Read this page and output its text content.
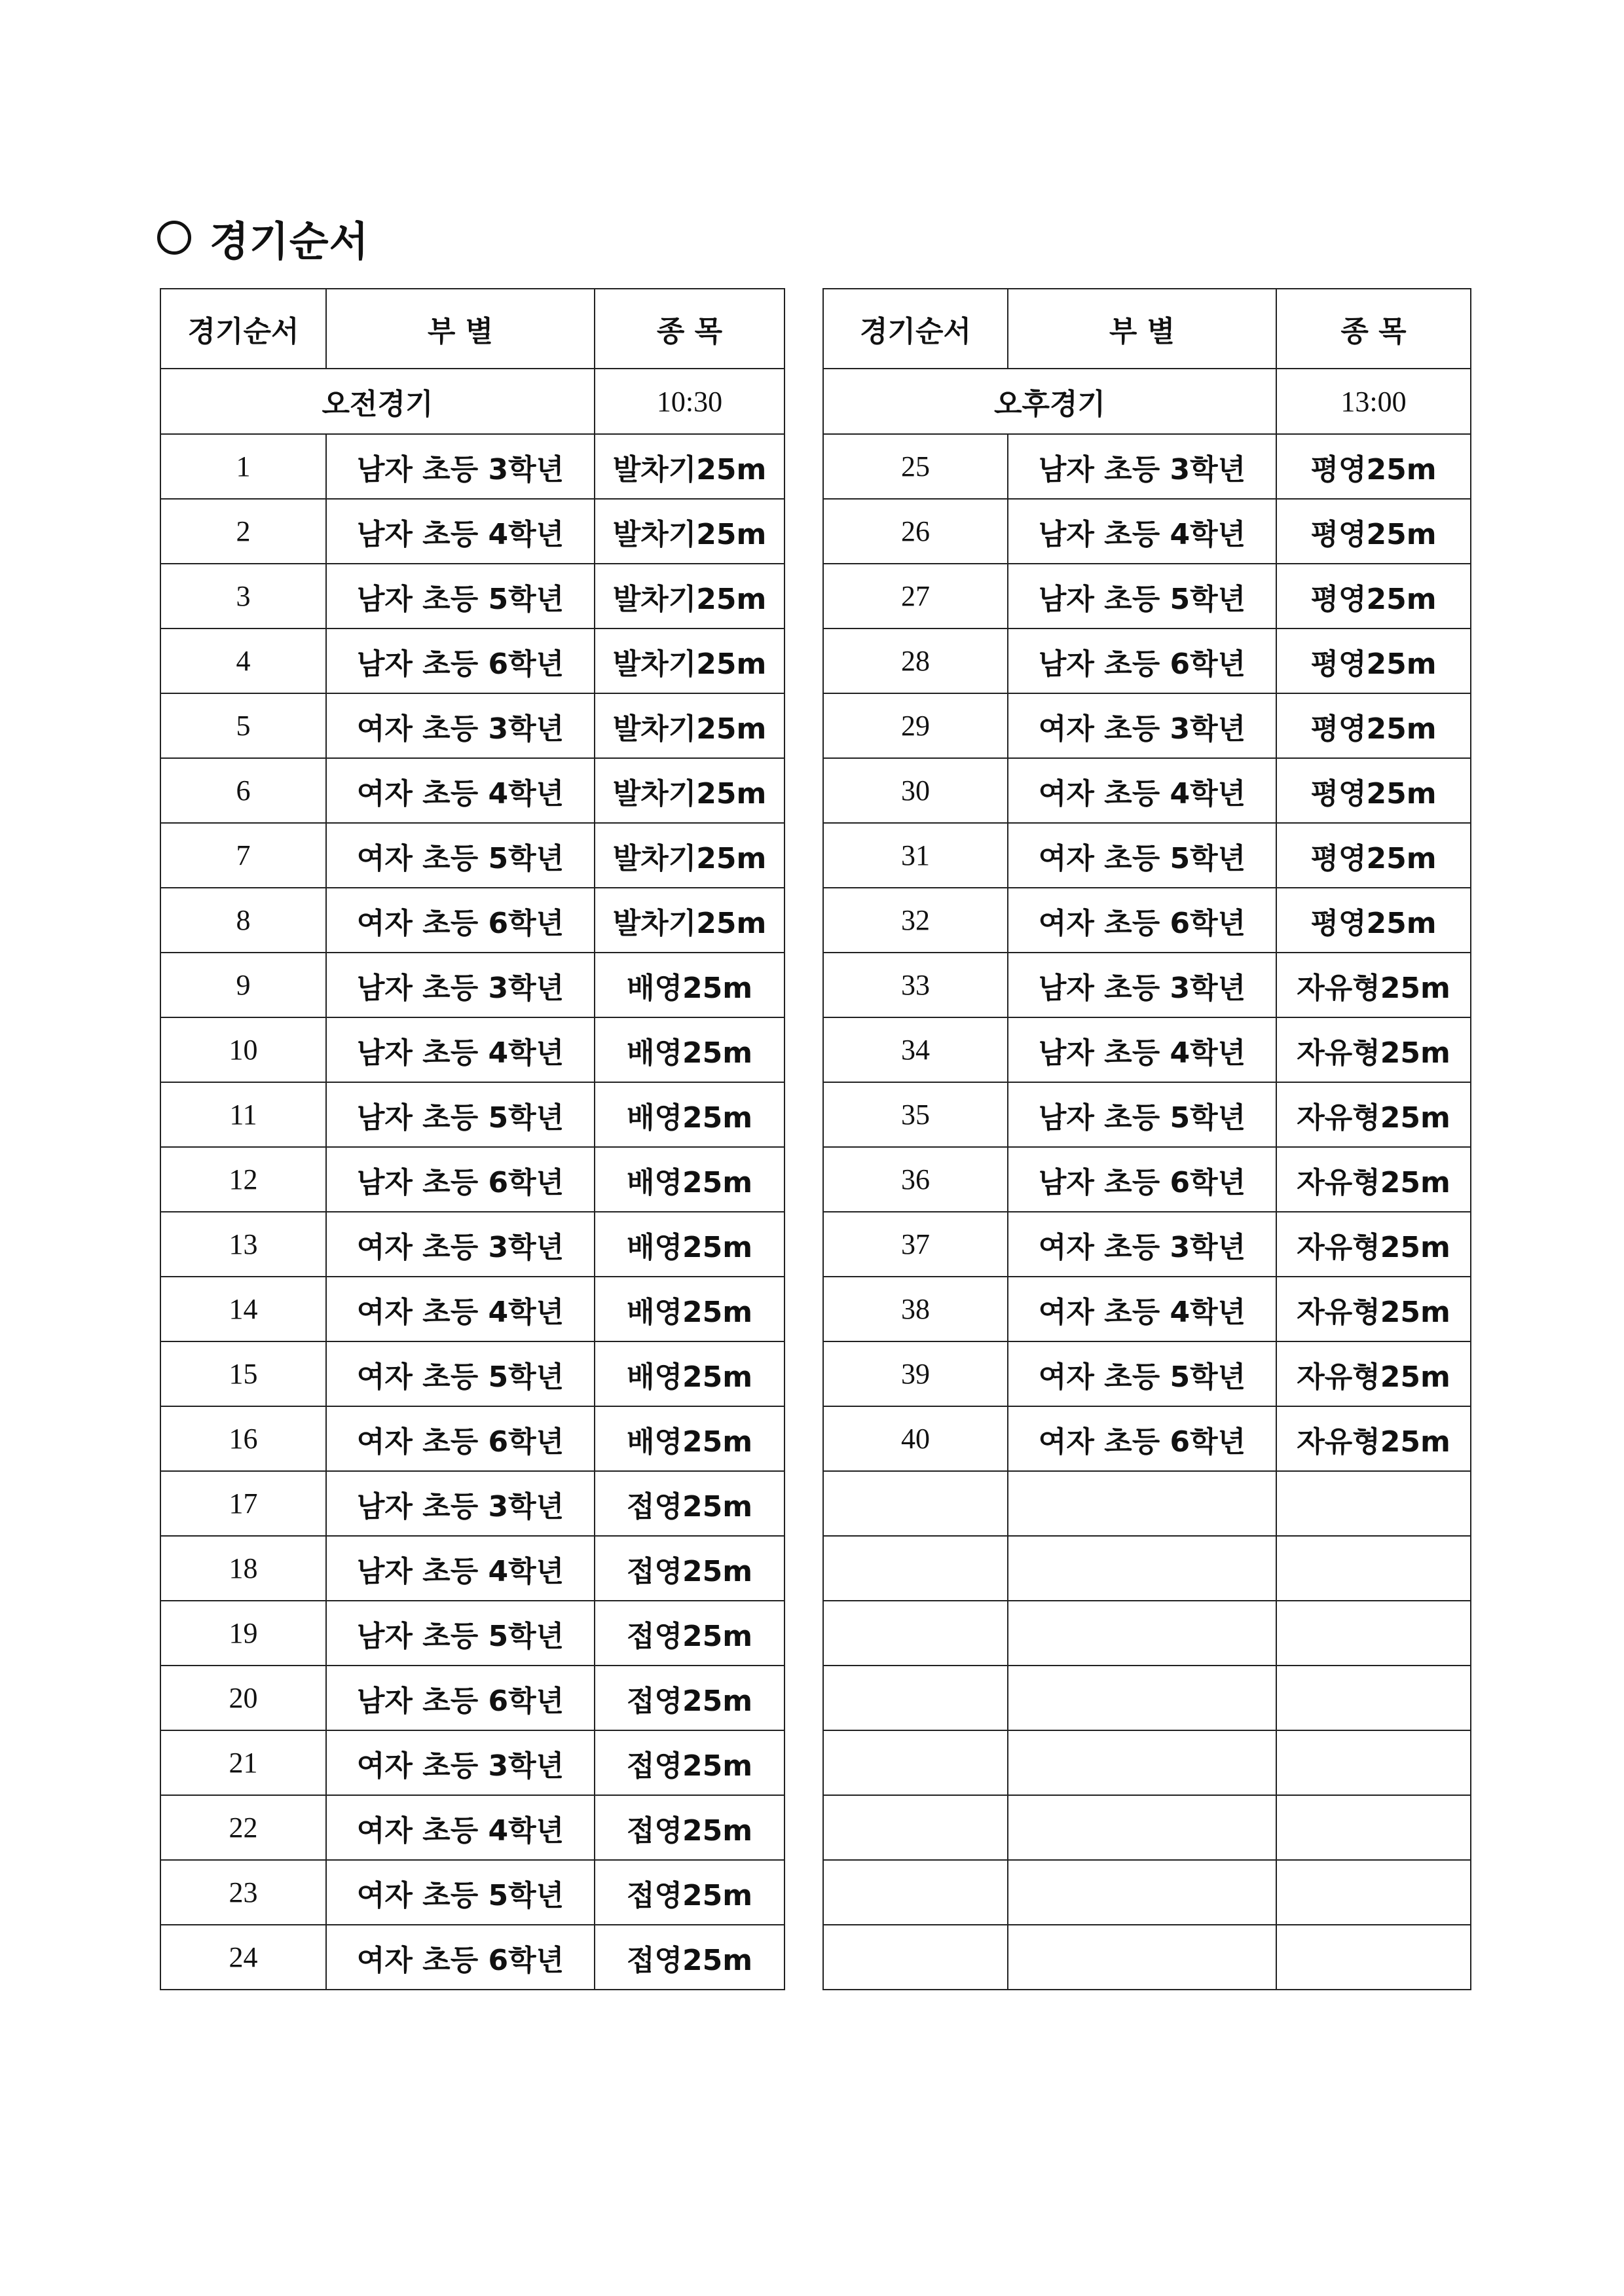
경기순서
경기순서	부 별	종 목
오전경기		10:30
1	남자 초등 3학년	발차기25m
2	남자 초등 4학년	발차기25m
3	남자 초등 5학년	발차기25m
4	남자 초등 6학년	발차기25m
5	여자 초등 3학년	발차기25m
6	여자 초등 4학년	발차기25m
7	여자 초등 5학년	발차기25m
8	여자 초등 6학년	발차기25m
9	남자 초등 3학년	배영25m
10	남자 초등 4학년	배영25m
11	남자 초등 5학년	배영25m
12	남자 초등 6학년	배영25m
13	여자 초등 3학년	배영25m
14	여자 초등 4학년	배영25m
15	여자 초등 5학년	배영25m
16	여자 초등 6학년	배영25m
17	남자 초등 3학년	접영25m
18	남자 초등 4학년	접영25m
19	남자 초등 5학년	접영25m
20	남자 초등 6학년	접영25m
21	여자 초등 3학년	접영25m
22	여자 초등 4학년	접영25m
23	여자 초등 5학년	접영25m
24	여자 초등 6학년	접영25m
경기순서	부 별	종 목
오후경기		13:00
25	남자 초등 3학년	평영25m
26	남자 초등 4학년	평영25m
27	남자 초등 5학년	평영25m
28	남자 초등 6학년	평영25m
29	여자 초등 3학년	평영25m
30	여자 초등 4학년	평영25m
31	여자 초등 5학년	평영25m
32	여자 초등 6학년	평영25m
33	남자 초등 3학년	자유형25m
34	남자 초등 4학년	자유형25m
35	남자 초등 5학년	자유형25m
36	남자 초등 6학년	자유형25m
37	여자 초등 3학년	자유형25m
38	여자 초등 4학년	자유형25m
39	여자 초등 5학년	자유형25m
40	여자 초등 6학년	자유형25m
